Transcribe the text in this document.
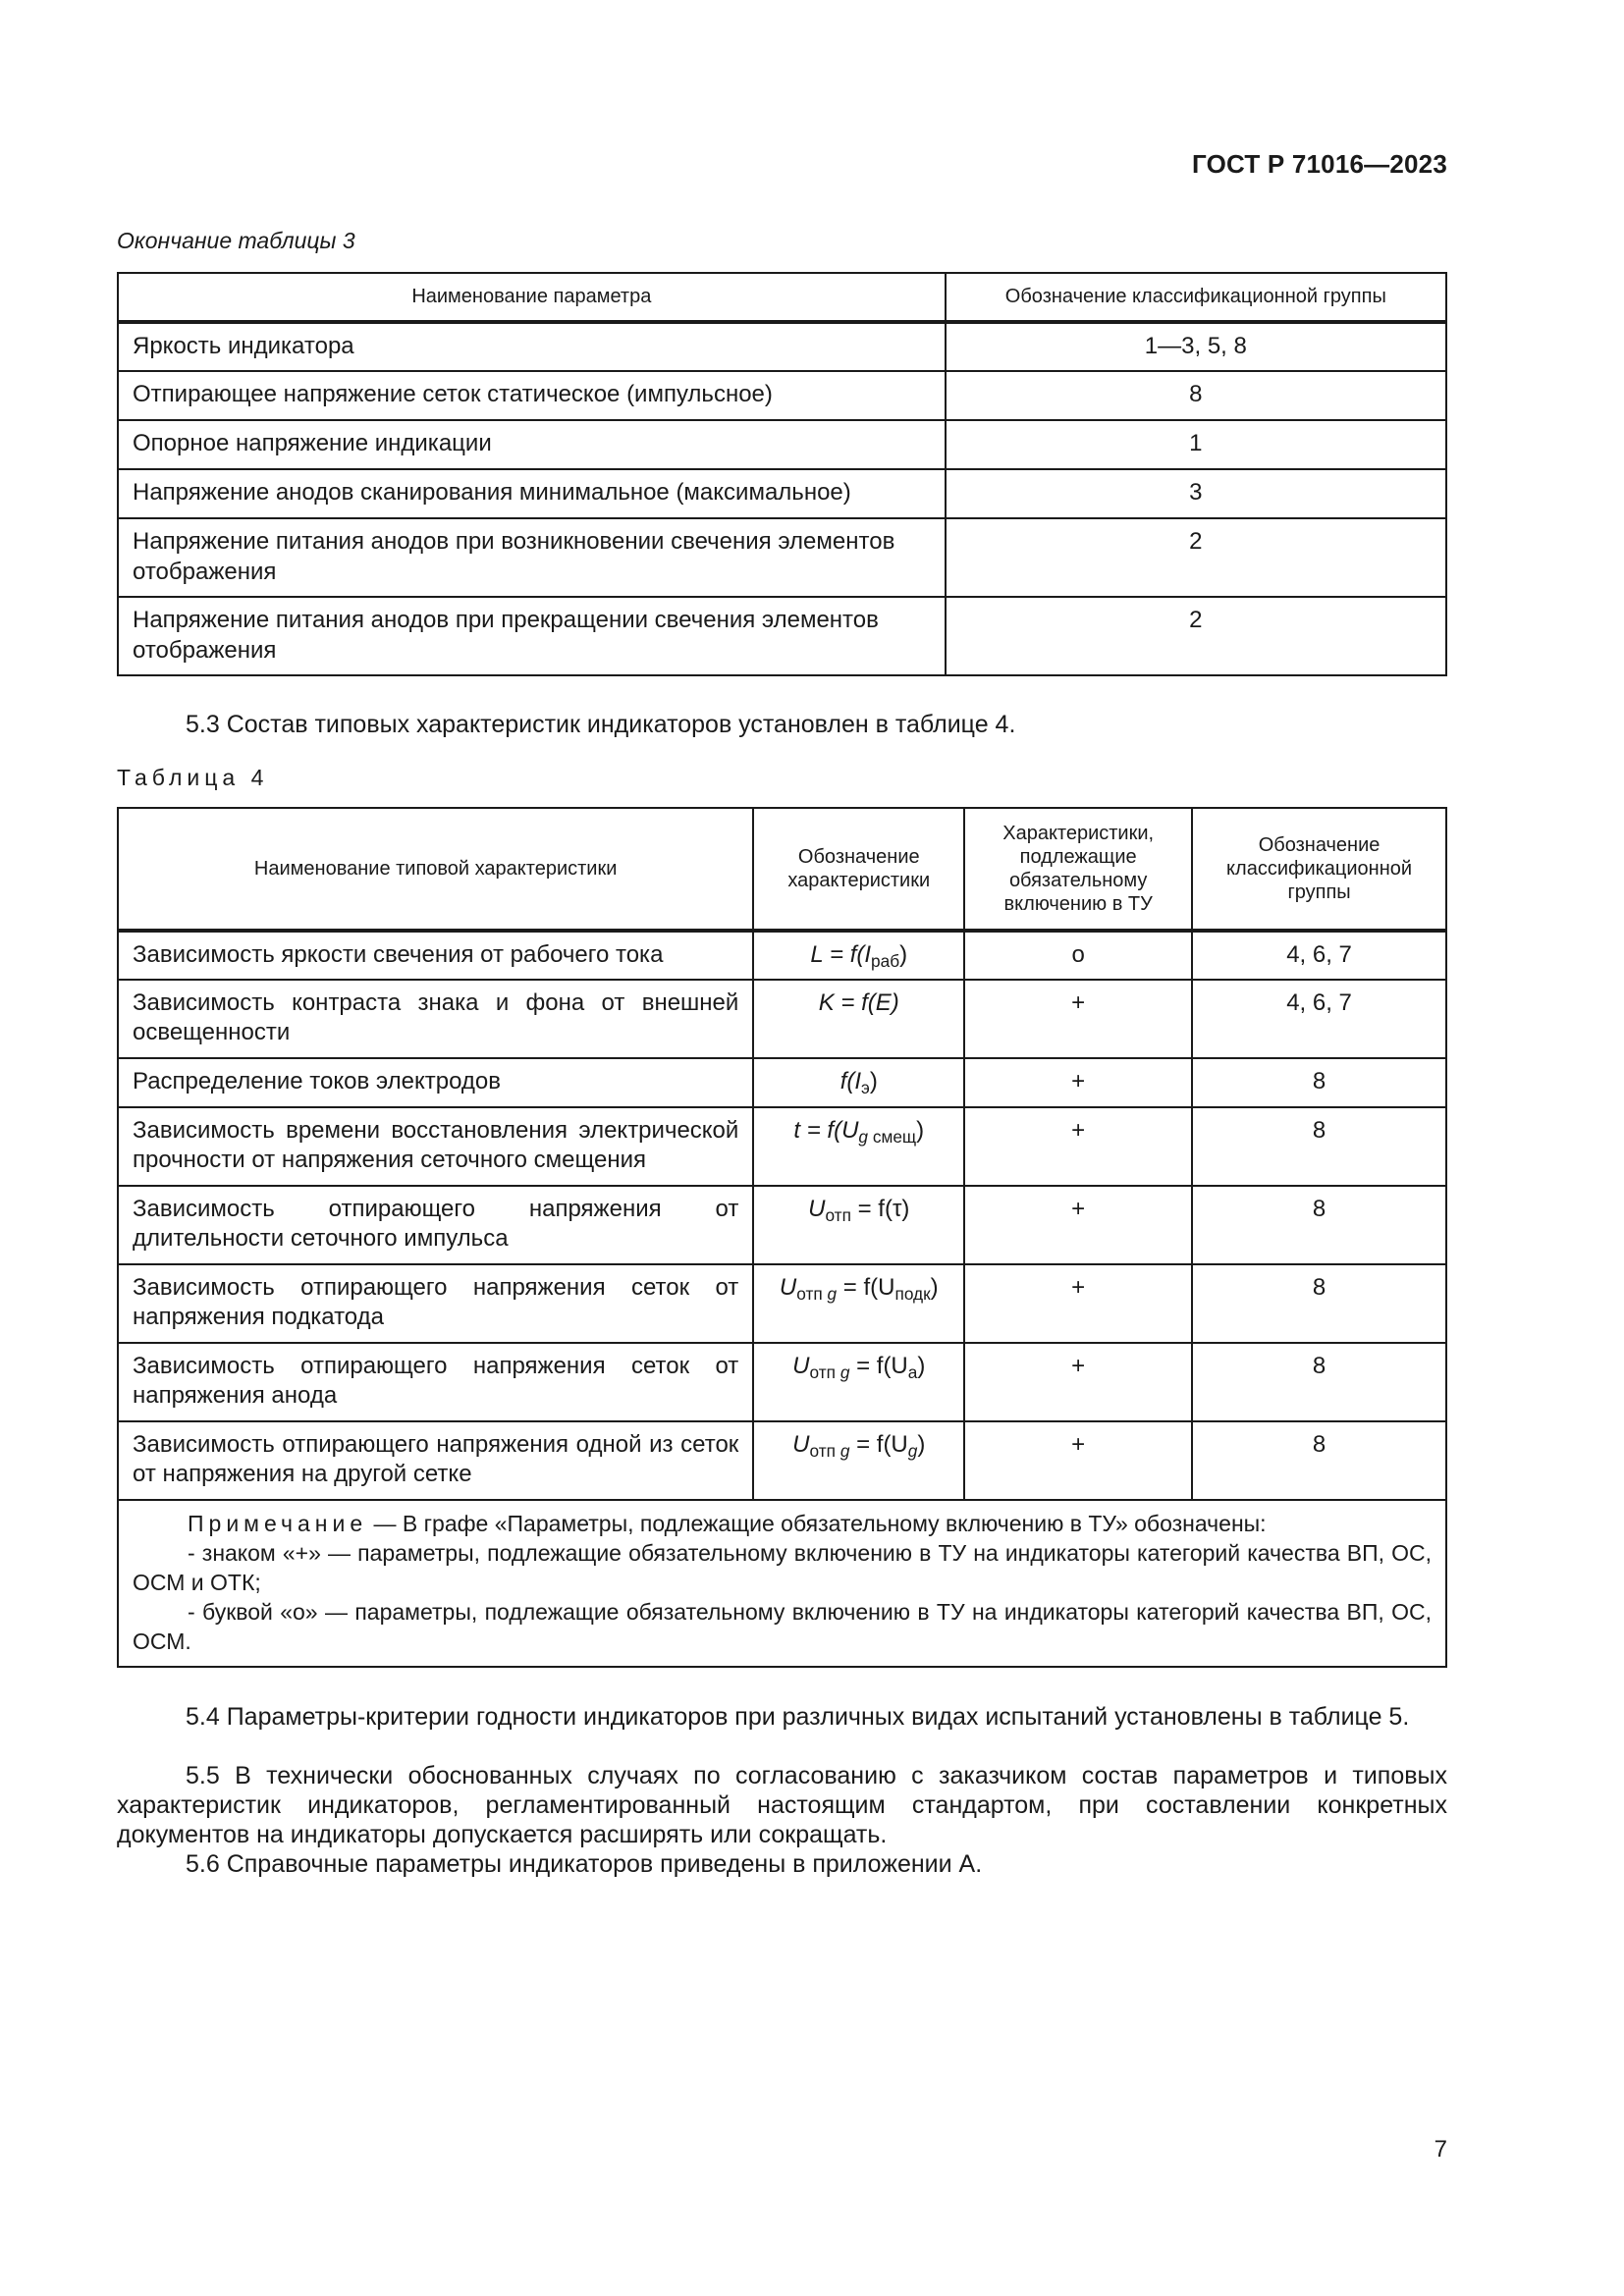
ГОСТ Р 71016—2023
Окончание таблицы 3
Наименование параметра	Обозначение классификационной группы
Яркость индикатора	1—3, 5, 8
Отпирающее напряжение сеток статическое (импульсное)	8
Опорное напряжение индикации	1
Напряжение анодов сканирования минимальное (максимальное)	3
Напряжение питания анодов при возникновении свечения элементов отображения	2
Напряжение питания анодов при прекращении свечения элементов отображения	2
5.3 Состав типовых характеристик индикаторов установлен в таблице 4.
Таблица 4
Наименование типовой характеристики	Обозначение характеристики	Характеристики, подлежащие обязательному включению в ТУ	Обозначение классификационной группы
Зависимость яркости свечения от рабочего тока	$L = f(I_{раб})$	о	4, 6, 7
Зависимость контраста знака и фона от внешней освещенности	K = f(E)	+	4, 6, 7
Распределение токов электродов	$f(I_э)$	+	8
Зависимость времени восстановления электрической прочности от напряжения сеточного смещения	$t = f(U_{g смещ})$	+	8
Зависимость отпирающего напряжения от длительности сеточного импульса	$U_{отп} = f(\tau)$	+	8
Зависимость отпирающего напряжения сеток от напряжения подкатода	$U_{отп g} = f(U_{подк})$	+	8
Зависимость отпирающего напряжения сеток от напряжения анода	$U_{отп g} = f(U_а)$	+	8
Зависимость отпирающего напряжения одной из сеток от напряжения на другой сетке	$U_{отп g} = f(U_g)$	+	8

Примечание — В графе «Параметры, подлежащие обязательному включению в ТУ» обозначены:
- знаком «+» — параметры, подлежащие обязательному включению в ТУ на индикаторы категорий качества ВП, ОС, ОСМ и ОТК;
- буквой «о» — параметры, подлежащие обязательному включению в ТУ на индикаторы категорий качества ВП, ОС, ОСМ.			
5.4 Параметры-критерии годности индикаторов при различных видах испытаний установлены в таблице 5.
5.5 В технически обоснованных случаях по согласованию с заказчиком состав параметров и типовых характеристик индикаторов, регламентированный настоящим стандартом, при составлении конкретных документов на индикаторы допускается расширять или сокращать.
5.6 Справочные параметры индикаторов приведены в приложении А.
7
